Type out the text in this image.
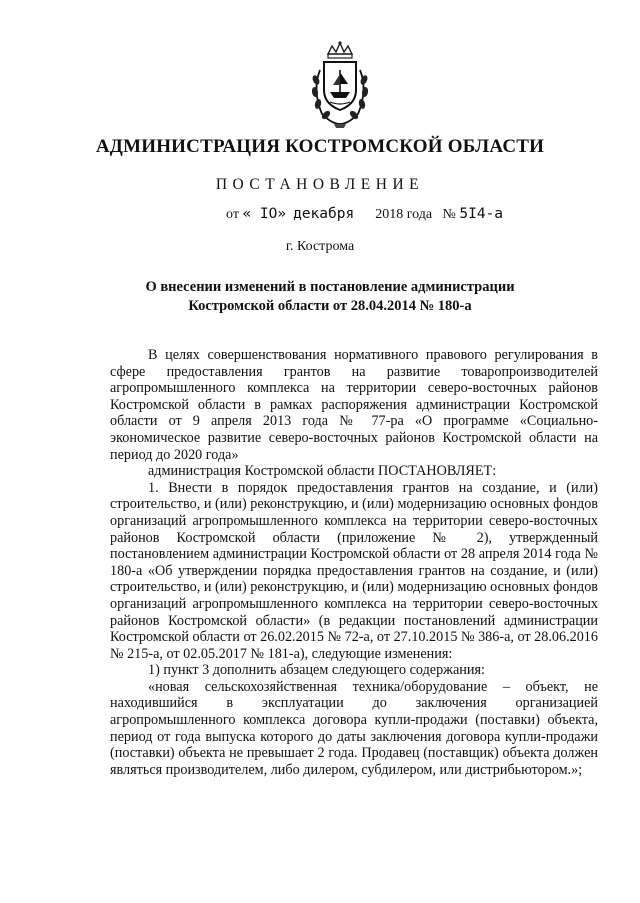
АДМИНИСТРАЦИЯ КОСТРОМСКОЙ ОБЛАСТИ
ПОСТАНОВЛЕНИЕ
от « IO» декабря 2018 года № 5I4-а
г. Кострома
О внесении изменений в постановление администрации
Костромской области от 28.04.2014 № 180-а

В целях совершенствования нормативного правового регулирования в сфере предоставления грантов на развитие товаропроизводителей агропромышленного комплекса на территории северо-восточных районов Костромской области в рамках распоряжения администрации Костромской области от 9 апреля 2013 года № 77-ра «О программе «Социально-экономическое развитие северо-восточных районов Костромской области на период до 2020 года»

администрация Костромской области ПОСТАНОВЛЯЕТ:

1. Внести в порядок предоставления грантов на создание, и (или) строительство, и (или) реконструкцию, и (или) модернизацию основных фондов организаций агропромышленного комплекса на территории северо-восточных районов Костромской области (приложение № 2), утвержденный постановлением администрации Костромской области от 28 апреля 2014 года № 180-а «Об утверждении порядка предоставления грантов на создание, и (или) строительство, и (или) реконструкцию, и (или) модернизацию основных фондов организаций агропромышленного комплекса на территории северо-восточных районов Костромской области» (в редакции постановлений администрации Костромской области от 26.02.2015 № 72-а, от 27.10.2015 № 386-а, от 28.06.2016 № 215-а, от 02.05.2017 № 181-а), следующие изменения:

1) пункт 3 дополнить абзацем следующего содержания:

«новая сельскохозяйственная техника/оборудование – объект, не находившийся в эксплуатации до заключения организацией агропромышленного комплекса договора купли-продажи (поставки) объекта, период от года выпуска которого до даты заключения договора купли-продажи (поставки) объекта не превышает 2 года. Продавец (поставщик) объекта должен являться производителем, либо дилером, субдилером, или дистрибьютором.»;
